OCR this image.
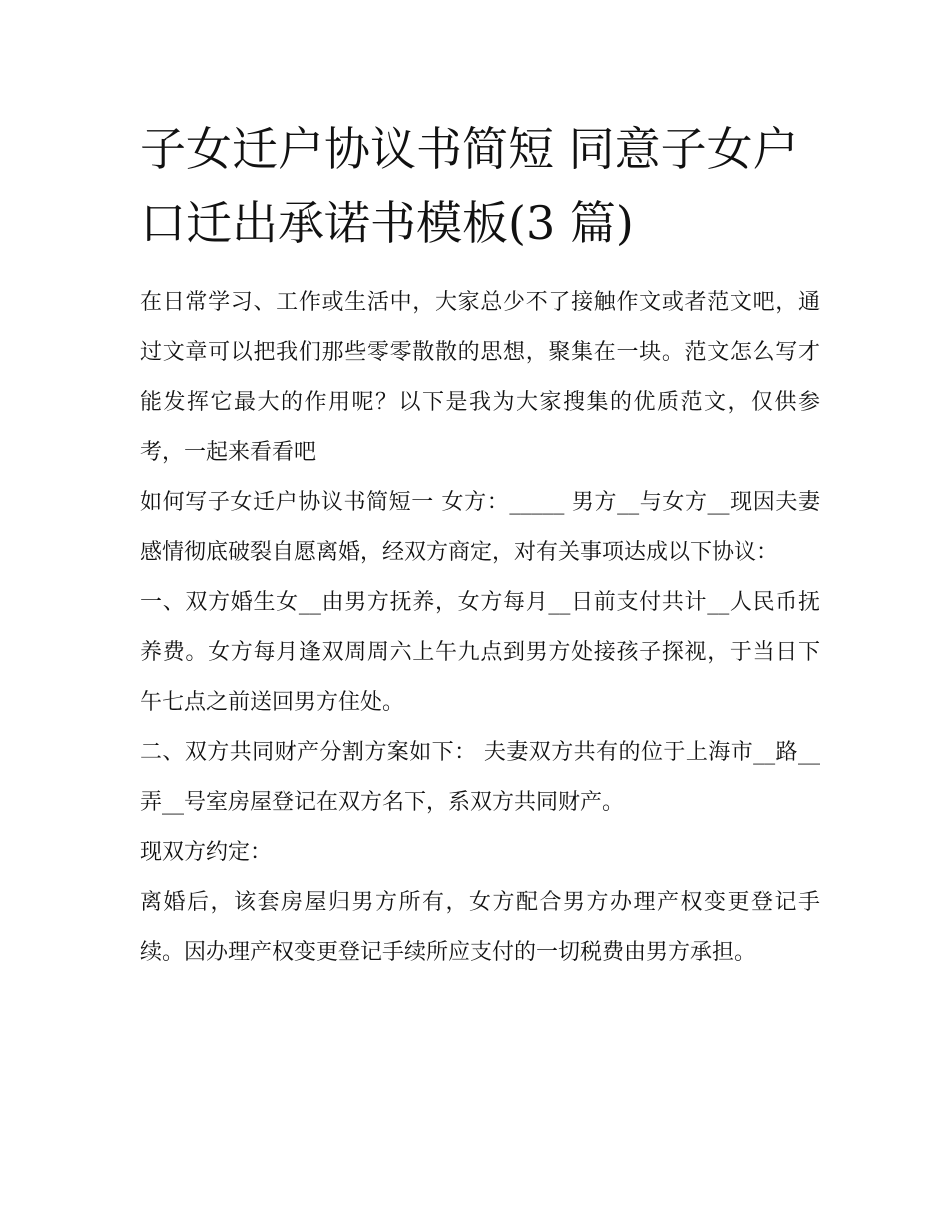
子女迁户协议书简短 同意子女户口迁出承诺书模板(3 篇)

在日常学习、工作或生活中，大家总少不了接触作文或者范文吧，通过文章可以把我们那些零零散散的思想，聚集在一块。范文怎么写才能发挥它最大的作用呢？以下是我为大家搜集的优质范文，仅供参考，一起来看看吧

如何写子女迁户协议书简短一 女方：_____ 男方__与女方__现因夫妻感情彻底破裂自愿离婚，经双方商定，对有关事项达成以下协议：

一、双方婚生女__由男方抚养，女方每月__日前支付共计__人民币抚养费。女方每月逢双周周六上午九点到男方处接孩子探视，于当日下午七点之前送回男方住处。

二、双方共同财产分割方案如下： 夫妻双方共有的位于上海市__路__弄__号室房屋登记在双方名下，系双方共同财产。

现双方约定：

离婚后，该套房屋归男方所有，女方配合男方办理产权变更登记手续。因办理产权变更登记手续所应支付的一切税费由男方承担。
